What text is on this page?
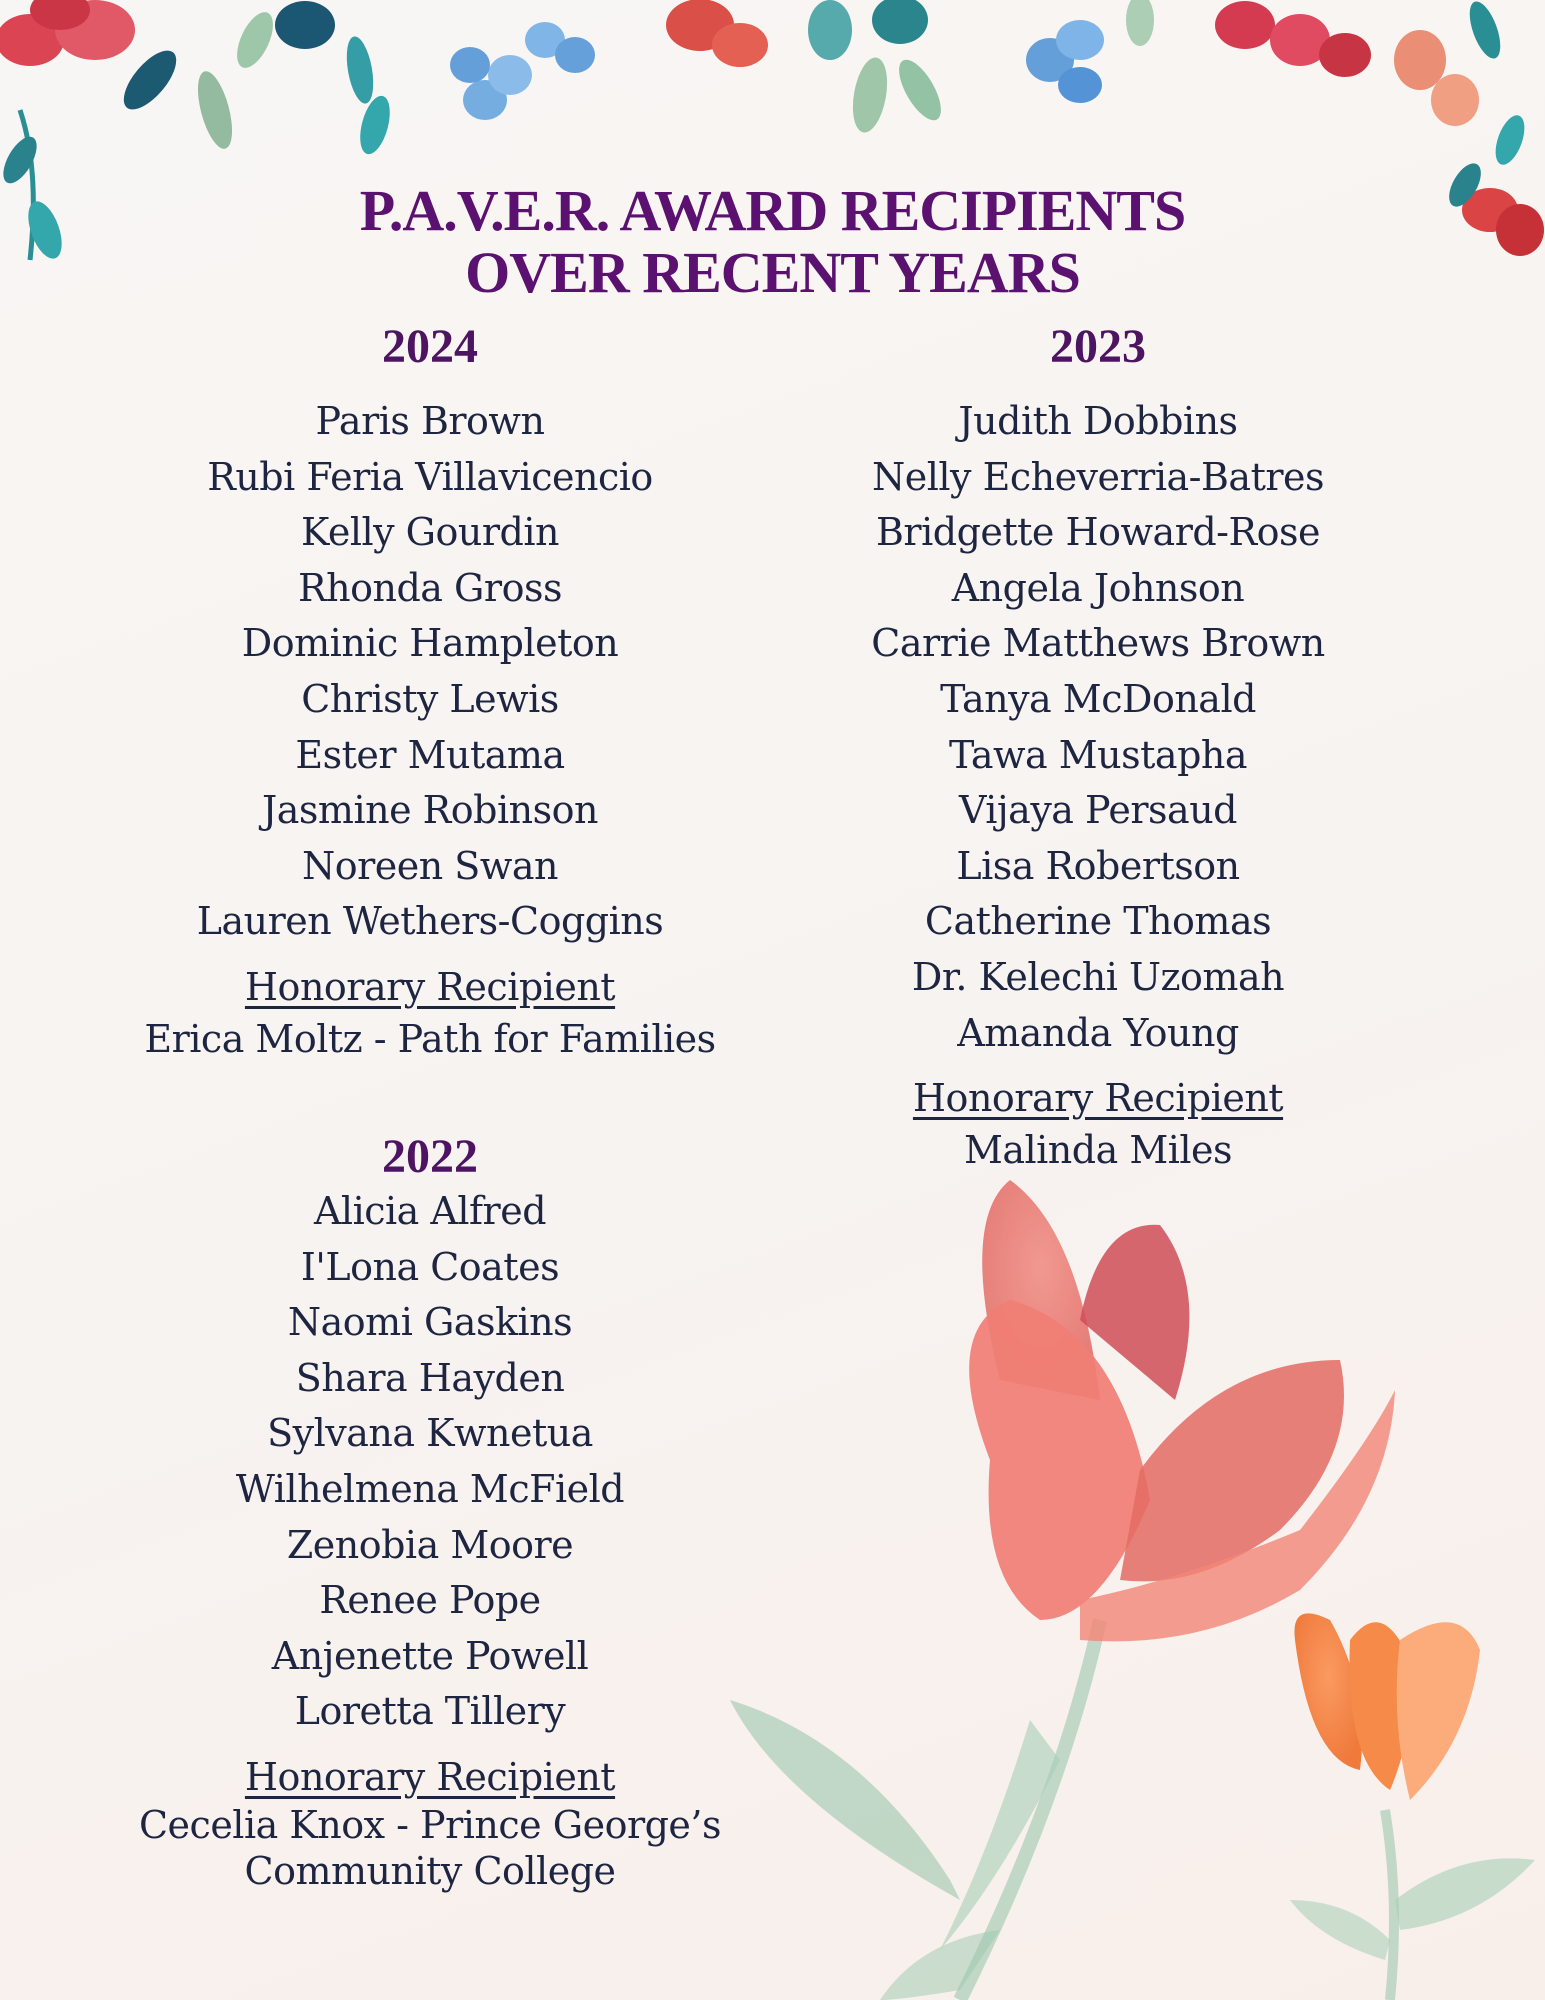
P.A.V.E.R. AWARD RECIPIENTS
OVER RECENT YEARS
2024
Paris Brown
Rubi Feria Villavicencio
Kelly Gourdin
Rhonda Gross
Dominic Hampleton
Christy Lewis
Ester Mutama
Jasmine Robinson
Noreen Swan
Lauren Wethers-Coggins
Honorary Recipient
Erica Moltz - Path for Families
2023
Judith Dobbins
Nelly Echeverria-Batres
Bridgette Howard-Rose
Angela Johnson
Carrie Matthews Brown
Tanya McDonald
Tawa Mustapha
Vijaya Persaud
Lisa Robertson
Catherine Thomas
Dr. Kelechi Uzomah
Amanda Young
Honorary Recipient
Malinda Miles
2022
Alicia Alfred
I'Lona Coates
Naomi Gaskins
Shara Hayden
Sylvana Kwnetua
Wilhelmena McField
Zenobia Moore
Renee Pope
Anjenette Powell
Loretta Tillery
Honorary Recipient
Cecelia Knox - Prince George’s
Community College
